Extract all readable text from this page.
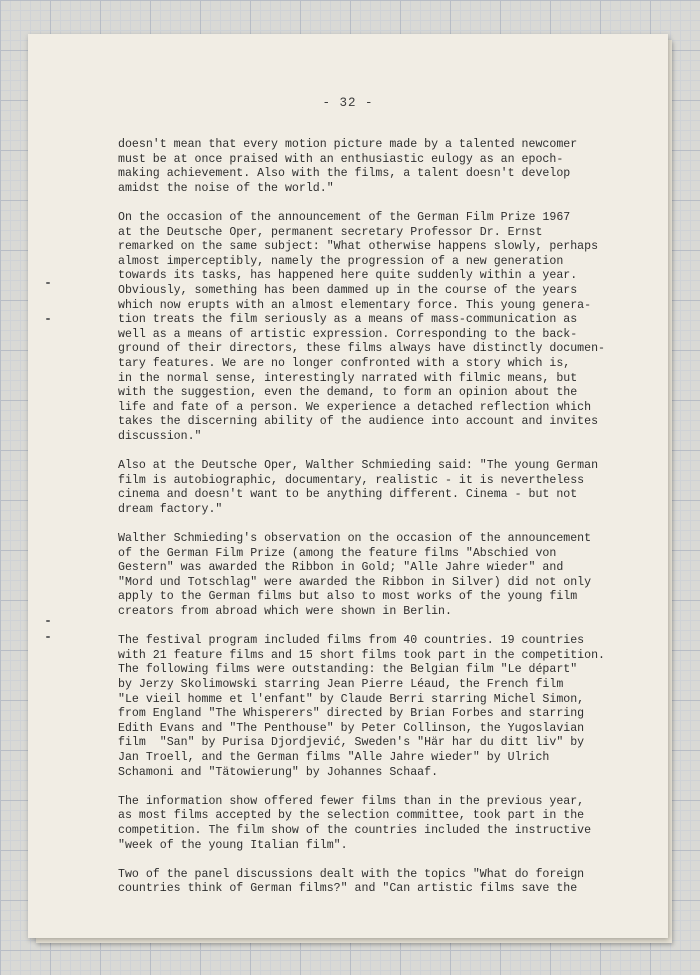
- 32 -

doesn't mean that every motion picture made by a talented newcomer
must be at once praised with an enthusiastic eulogy as an epoch-
making achievement. Also with the films, a talent doesn't develop
amidst the noise of the world."

On the occasion of the announcement of the German Film Prize 1967
at the Deutsche Oper, permanent secretary Professor Dr. Ernst
remarked on the same subject: "What otherwise happens slowly, perhaps
almost imperceptibly, namely the progression of a new generation
towards its tasks, has happened here quite suddenly within a year.
Obviously, something has been dammed up in the course of the years
which now erupts with an almost elementary force. This young genera-
tion treats the film seriously as a means of mass-communication as
well as a means of artistic expression. Corresponding to the back-
ground of their directors, these films always have distinctly documen-
tary features. We are no longer confronted with a story which is,
in the normal sense, interestingly narrated with filmic means, but
with the suggestion, even the demand, to form an opinion about the
life and fate of a person. We experience a detached reflection which
takes the discerning ability of the audience into account and invites
discussion."

Also at the Deutsche Oper, Walther Schmieding said: "The young German
film is autobiographic, documentary, realistic - it is nevertheless
cinema and doesn't want to be anything different. Cinema - but not
dream factory."

Walther Schmieding's observation on the occasion of the announcement
of the German Film Prize (among the feature films "Abschied von
Gestern" was awarded the Ribbon in Gold; "Alle Jahre wieder" and
"Mord und Totschlag" were awarded the Ribbon in Silver) did not only
apply to the German films but also to most works of the young film
creators from abroad which were shown in Berlin.

The festival program included films from 40 countries. 19 countries
with 21 feature films and 15 short films took part in the competition.
The following films were outstanding: the Belgian film "Le départ"
by Jerzy Skolimowski starring Jean Pierre Léaud, the French film
"Le vieil homme et l'enfant" by Claude Berri starring Michel Simon,
from England "The Whisperers" directed by Brian Forbes and starring
Edith Evans and "The Penthouse" by Peter Collinson, the Yugoslavian
film  "San" by Purisa Djordjević, Sweden's "Här har du ditt liv" by
Jan Troell, and the German films "Alle Jahre wieder" by Ulrich
Schamoni and "Tätowierung" by Johannes Schaaf.

The information show offered fewer films than in the previous year,
as most films accepted by the selection committee, took part in the
competition. The film show of the countries included the instructive
"week of the young Italian film".

Two of the panel discussions dealt with the topics "What do foreign
countries think of German films?" and "Can artistic films save the
